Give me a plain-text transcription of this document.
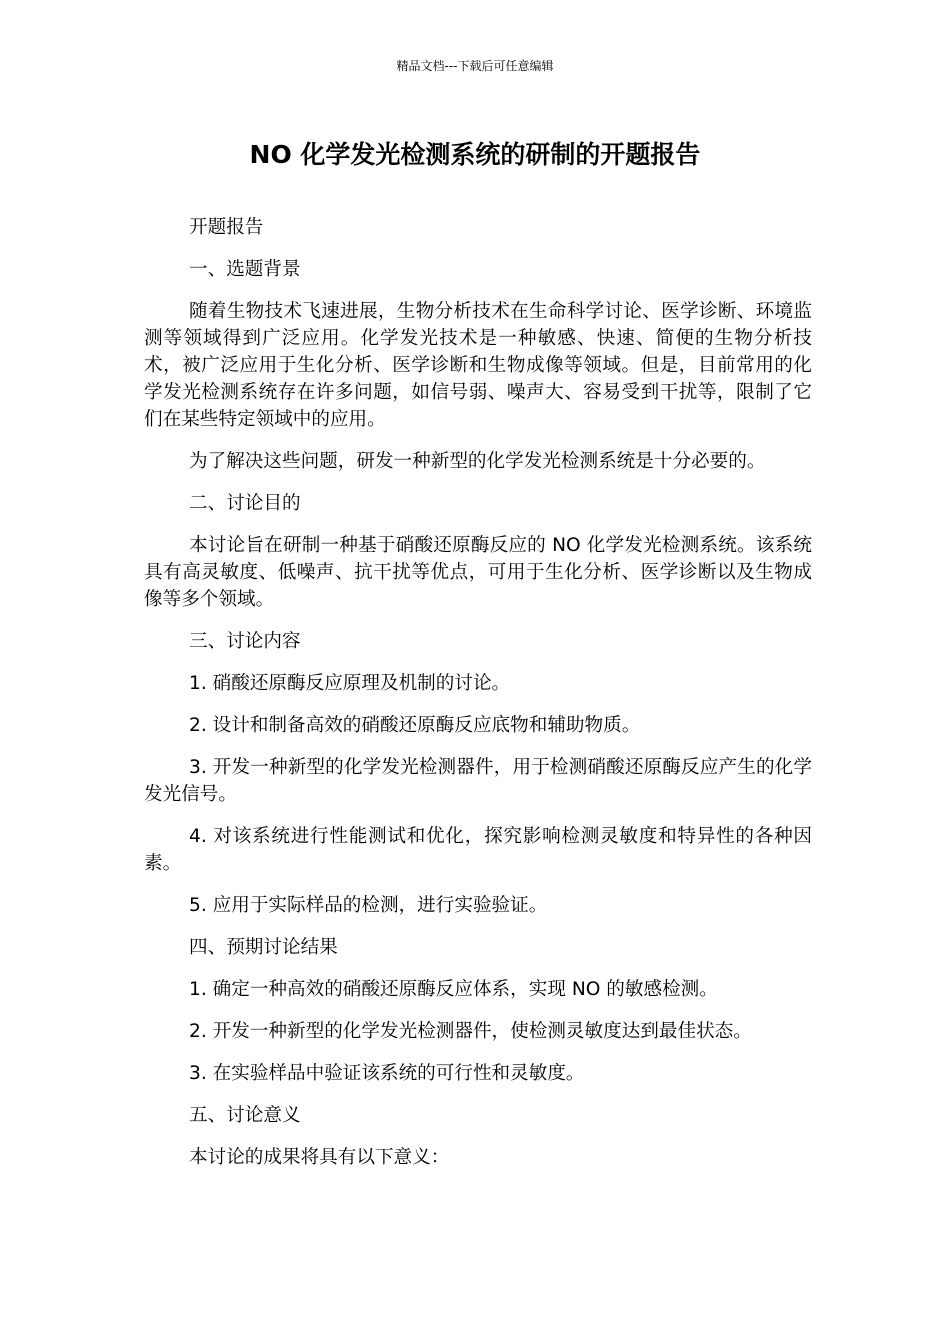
精品文档---下载后可任意编辑
NO 化学发光检测系统的研制的开题报告

开题报告

一、选题背景

随着生物技术飞速进展，生物分析技术在生命科学讨论、医学诊断、环境监测等领域得到广泛应用。化学发光技术是一种敏感、快速、简便的生物分析技术，被广泛应用于生化分析、医学诊断和生物成像等领域。但是，目前常用的化学发光检测系统存在许多问题，如信号弱、噪声大、容易受到干扰等，限制了它们在某些特定领域中的应用。

为了解决这些问题，研发一种新型的化学发光检测系统是十分必要的。

二、讨论目的

本讨论旨在研制一种基于硝酸还原酶反应的 NO 化学发光检测系统。该系统具有高灵敏度、低噪声、抗干扰等优点，可用于生化分析、医学诊断以及生物成像等多个领域。

三、讨论内容

1. 硝酸还原酶反应原理及机制的讨论。

2. 设计和制备高效的硝酸还原酶反应底物和辅助物质。

3. 开发一种新型的化学发光检测器件，用于检测硝酸还原酶反应产生的化学发光信号。

4. 对该系统进行性能测试和优化，探究影响检测灵敏度和特异性的各种因素。

5. 应用于实际样品的检测，进行实验验证。

四、预期讨论结果

1. 确定一种高效的硝酸还原酶反应体系，实现 NO 的敏感检测。

2. 开发一种新型的化学发光检测器件，使检测灵敏度达到最佳状态。

3. 在实验样品中验证该系统的可行性和灵敏度。

五、讨论意义

本讨论的成果将具有以下意义：
